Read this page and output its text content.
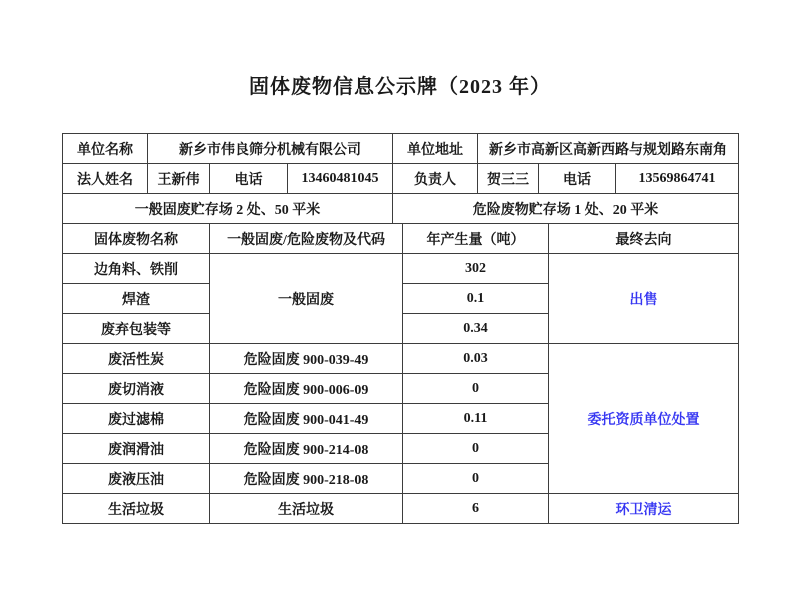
固体废物信息公示牌（2023 年）
单位名称	新乡市伟良筛分机械有限公司			单位地址		新乡市高新区高新西路与规划路东南角			
法人姓名	王新伟	电话	13460481045	负责人		贺三三	电话		13569864741
一般固废贮存场 2 处、50 平米				危险废物贮存场 1 处、20 平米					
固体废物名称		一般固废/危险废物及代码			年产生量（吨）			最终去向	
边角料、铁削		一般固废			302			出售	
焊渣					0.1				
废弃包装等					0.34				
废活性炭		危险固废 900-039-49			0.03			委托资质单位处置	
废切消液		危险固废 900-006-09			0				
废过滤棉		危险固废 900-041-49			0.11				
废润滑油		危险固废 900-214-08			0				
废液压油		危险固废 900-218-08			0				
生活垃圾		生活垃圾			6			环卫清运	
